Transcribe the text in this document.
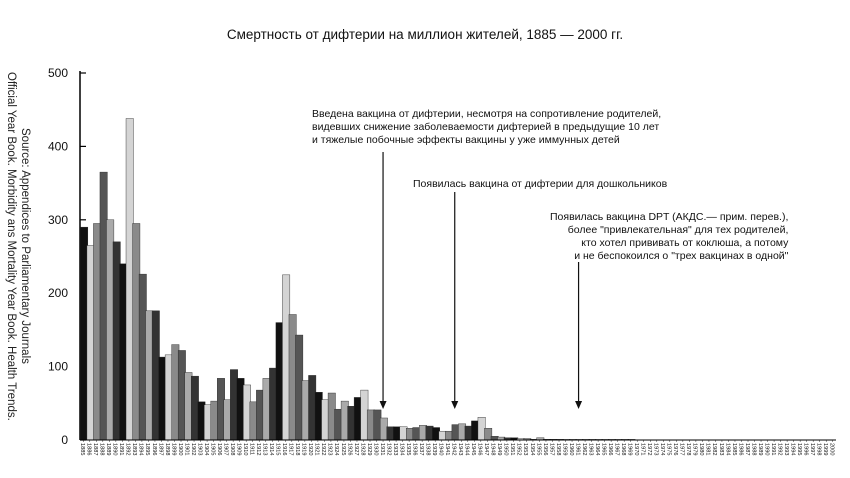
Смертность от дифтерии на миллион жителей, 1885 — 2000 гг.
Official Year Book. Morbidity ans Mortality Year Book. Health Trends. Source: Appendices to Parliamentary Journals
0
100
200
300
400
500
1885 1886 1887 1888 1889 1890 1891 1892 1893 1894 1895 1896 1897 1898 1899 1900 1901 1902 1903 1904 1905 1906 1907 1908 1909 1910 1911 1912 1913 1914 1915 1916 1917 1918 1919 1920 1921 1922 1923 1924 1925 1926 1927 1928 1929 1930 1931 1932 1933 1934 1935 1936 1937 1938 1939 1940 1941 1942 1943 1944 1945 1946 1947 1948 1949 1950 1951 1952 1953 1954 1955 1956 1957 1958 1959 1960 1961 1962 1963 1964 1965 1966 1967 1968 1969 1970 1971 1972 1973 1974 1975 1976 1977 1978 1979 1980 1981 1982 1983 1984 1985 1986 1987 1988 1989 1990 1991 1992 1993 1994 1995 1996 1997 1998 1999 2000
Введена вакцина от дифтерии, несмотря на сопротивление родителей,
видевших снижение заболеваемости дифтерией в предыдущие 10 лет
и тяжелые побочные эффекты вакцины у уже иммунных детей
Появилась вакцина от дифтерии для дошкольников
Появилась вакцина DPT (АКДС.— прим. перев.),
более "привлекательная" для тех родителей,
кто хотел прививать от коклюша, а потому
и не беспокоился о "трех вакцинах в одной"
